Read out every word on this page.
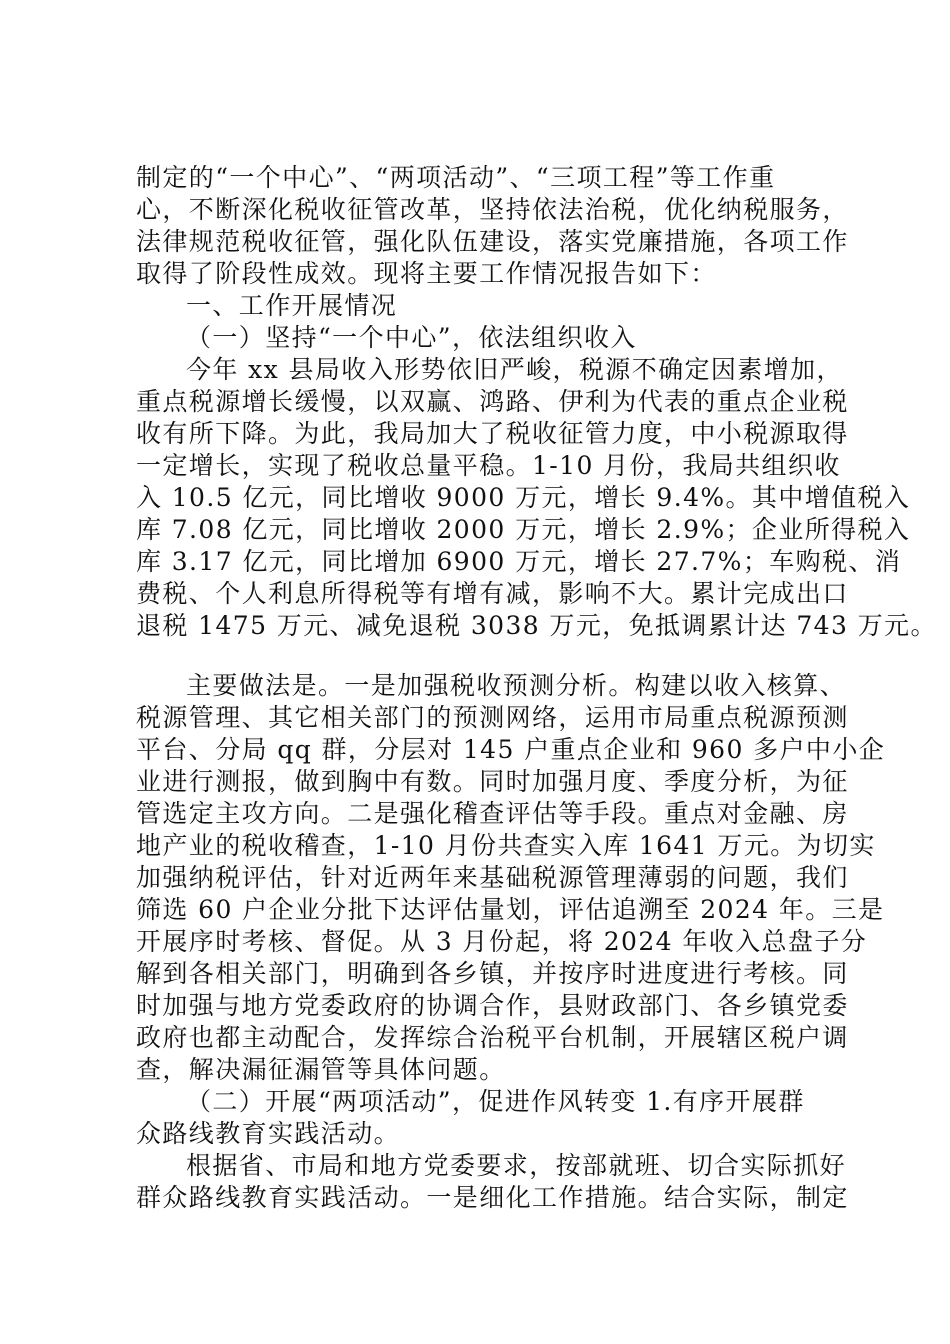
制定的“一个中心”、“两项活动”、“三项工程”等工作重
心，不断深化税收征管改革，坚持依法治税，优化纳税服务，
法律规范税收征管，强化队伍建设，落实党廉措施，各项工作
取得了阶段性成效。现将主要工作情况报告如下：
一、工作开展情况
（一）坚持“一个中心”，依法组织收入
今年 xx 县局收入形势依旧严峻，税源不确定因素增加，
重点税源增长缓慢，以双赢、鸿路、伊利为代表的重点企业税
收有所下降。为此，我局加大了税收征管力度，中小税源取得
一定增长，实现了税收总量平稳。1-10 月份，我局共组织收
入 10.5 亿元，同比增收 9000 万元，增长 9.4%。其中增值税入
库 7.08 亿元，同比增收 2000 万元，增长 2.9%；企业所得税入
库 3.17 亿元，同比增加 6900 万元，增长 27.7%；车购税、消
费税、个人利息所得税等有增有减，影响不大。累计完成出口
退税 1475 万元、减免退税 3038 万元，免抵调累计达 743 万元。
主要做法是。一是加强税收预测分析。构建以收入核算、
税源管理、其它相关部门的预测网络，运用市局重点税源预测
平台、分局 qq 群，分层对 145 户重点企业和 960 多户中小企
业进行测报，做到胸中有数。同时加强月度、季度分析，为征
管选定主攻方向。二是强化稽查评估等手段。重点对金融、房
地产业的税收稽查，1-10 月份共查实入库 1641 万元。为切实
加强纳税评估，针对近两年来基础税源管理薄弱的问题，我们
筛选 60 户企业分批下达评估量划，评估追溯至 2024 年。三是
开展序时考核、督促。从 3 月份起，将 2024 年收入总盘子分
解到各相关部门，明确到各乡镇，并按序时进度进行考核。同
时加强与地方党委政府的协调合作，县财政部门、各乡镇党委
政府也都主动配合，发挥综合治税平台机制，开展辖区税户调
查，解决漏征漏管等具体问题。
（二）开展“两项活动”，促进作风转变 1.有序开展群
众路线教育实践活动。
根据省、市局和地方党委要求，按部就班、切合实际抓好
群众路线教育实践活动。一是细化工作措施。结合实际，制定
